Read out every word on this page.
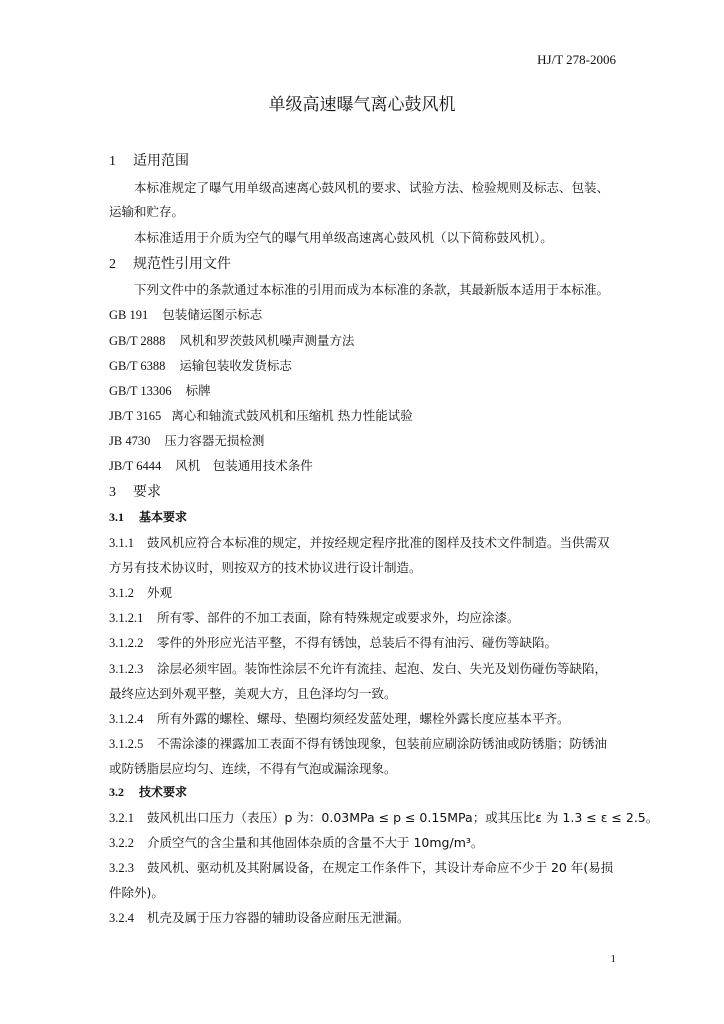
HJ/T 278-2006
单级高速曝气离心鼓风机
1 适用范围
本标准规定了曝气用单级高速离心鼓风机的要求、试验方法、检验规则及标志、包装、
运输和贮存。
本标准适用于介质为空气的曝气用单级高速离心鼓风机（以下简称鼓风机）。
2 规范性引用文件
下列文件中的条款通过本标准的引用而成为本标准的条款，其最新版本适用于本标准。
GB 191 包装储运图示标志
GB/T 2888 风机和罗茨鼓风机噪声测量方法
GB/T 6388 运输包装收发货标志
GB/T 13306 标牌
JB/T 3165 离心和轴流式鼓风机和压缩机 热力性能试验
JB 4730 压力容器无损检测
JB/T 6444 风机　包装通用技术条件
3 要求
3.1 基本要求
3.1.1 鼓风机应符合本标准的规定，并按经规定程序批准的图样及技术文件制造。当供需双
方另有技术协议时，则按双方的技术协议进行设计制造。
3.1.2 外观
3.1.2.1 所有零、部件的不加工表面，除有特殊规定或要求外，均应涂漆。
3.1.2.2 零件的外形应光洁平整，不得有锈蚀，总装后不得有油污、碰伤等缺陷。
3.1.2.3 涂层必须牢固。装饰性涂层不允许有流挂、起泡、发白、失光及划伤碰伤等缺陷，
最终应达到外观平整，美观大方，且色泽均匀一致。
3.1.2.4 所有外露的螺栓、螺母、垫圈均须经发蓝处理，螺栓外露长度应基本平齐。
3.1.2.5 不需涂漆的裸露加工表面不得有锈蚀现象，包装前应刷涂防锈油或防锈脂；防锈油
或防锈脂层应均匀、连续，不得有气泡或漏涂现象。
3.2 技术要求
3.2.1 鼓风机出口压力（表压）p 为：0.03MPa ≤ p ≤ 0.15MPa；或其压比ε 为 1.3 ≤ ε ≤ 2.5。
3.2.2 介质空气的含尘量和其他固体杂质的含量不大于 10mg/m³。
3.2.3 鼓风机、驱动机及其附属设备，在规定工作条件下，其设计寿命应不少于 20 年(易损
件除外)。
3.2.4 机壳及属于压力容器的辅助设备应耐压无泄漏。
1
